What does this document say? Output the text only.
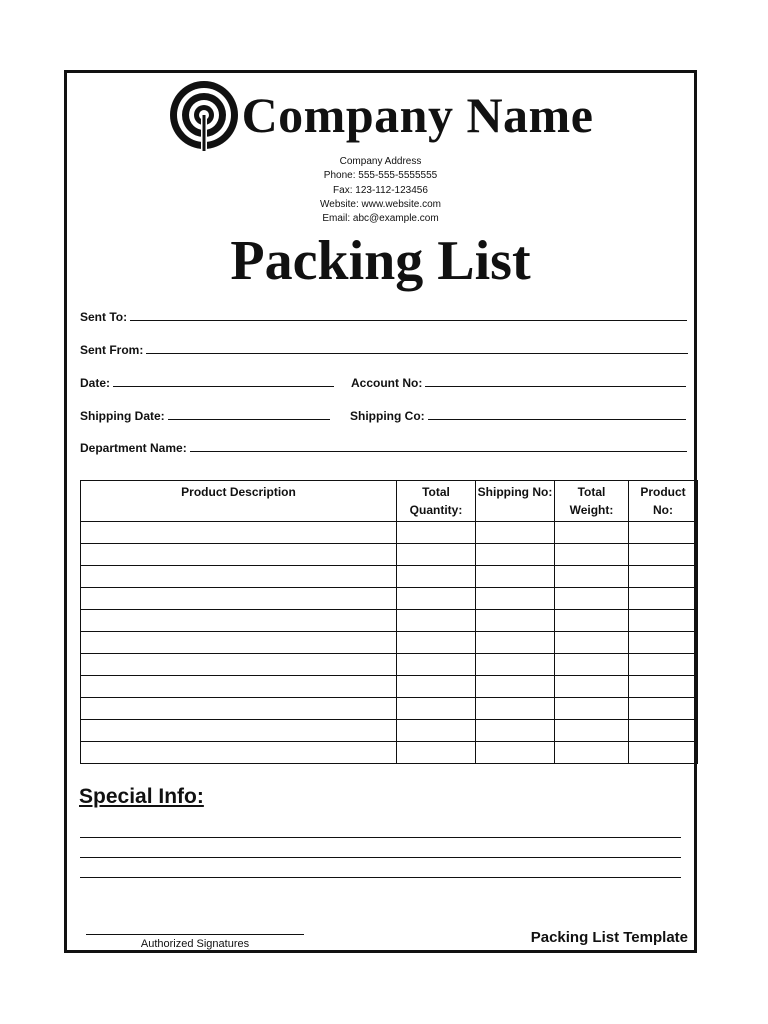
Company Name
Company Address
Phone: 555-555-5555555
Fax: 123-112-123456
Website: www.website.com
Email: abc@example.com
Packing List
Sent To:
Sent From:
Date:	Account No:
Shipping Date:	Shipping Co:
Department Name:
Product Description	Total Quantity:	Shipping No:	Total Weight:	Product No:

Special Info:
Authorized Signatures	Packing List Template
